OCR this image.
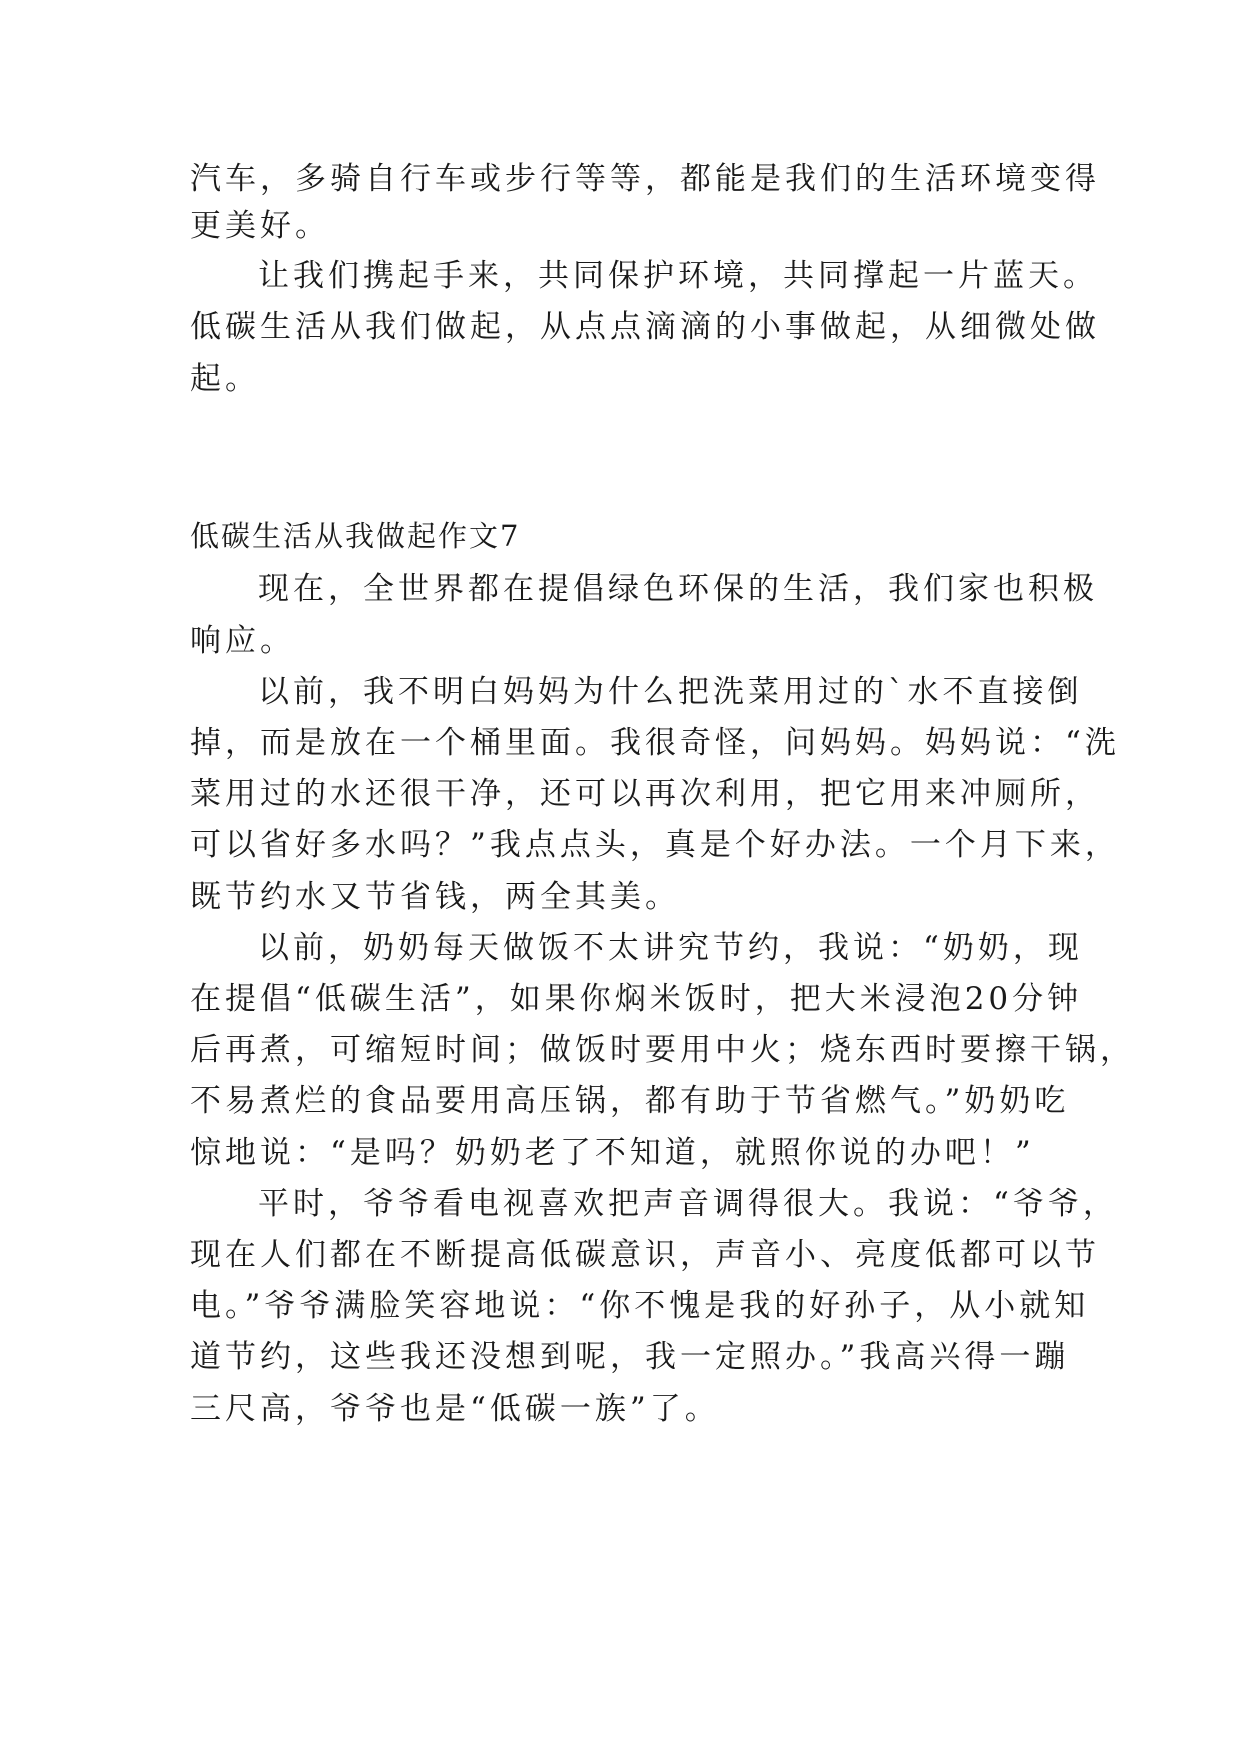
汽车，多骑自行车或步行等等，都能是我们的生活环境变得
更美好。
让我们携起手来，共同保护环境，共同撑起一片蓝天。
低碳生活从我们做起，从点点滴滴的小事做起，从细微处做
起。
低碳生活从我做起作文7
现在，全世界都在提倡绿色环保的生活，我们家也积极
响应。
以前，我不明白妈妈为什么把洗菜用过的`水不直接倒
掉，而是放在一个桶里面。我很奇怪，问妈妈。妈妈说：“洗
菜用过的水还很干净，还可以再次利用，把它用来冲厕所，
可以省好多水吗？”我点点头，真是个好办法。一个月下来，
既节约水又节省钱，两全其美。
以前，奶奶每天做饭不太讲究节约，我说：“奶奶，现
在提倡“低碳生活”，如果你焖米饭时，把大米浸泡20分钟
后再煮，可缩短时间；做饭时要用中火；烧东西时要擦干锅，
不易煮烂的食品要用高压锅，都有助于节省燃气。”奶奶吃
惊地说：“是吗？奶奶老了不知道，就照你说的办吧！”
平时，爷爷看电视喜欢把声音调得很大。我说：“爷爷，
现在人们都在不断提高低碳意识，声音小、亮度低都可以节
电。”爷爷满脸笑容地说：“你不愧是我的好孙子，从小就知
道节约，这些我还没想到呢，我一定照办。”我高兴得一蹦
三尺高，爷爷也是“低碳一族”了。
